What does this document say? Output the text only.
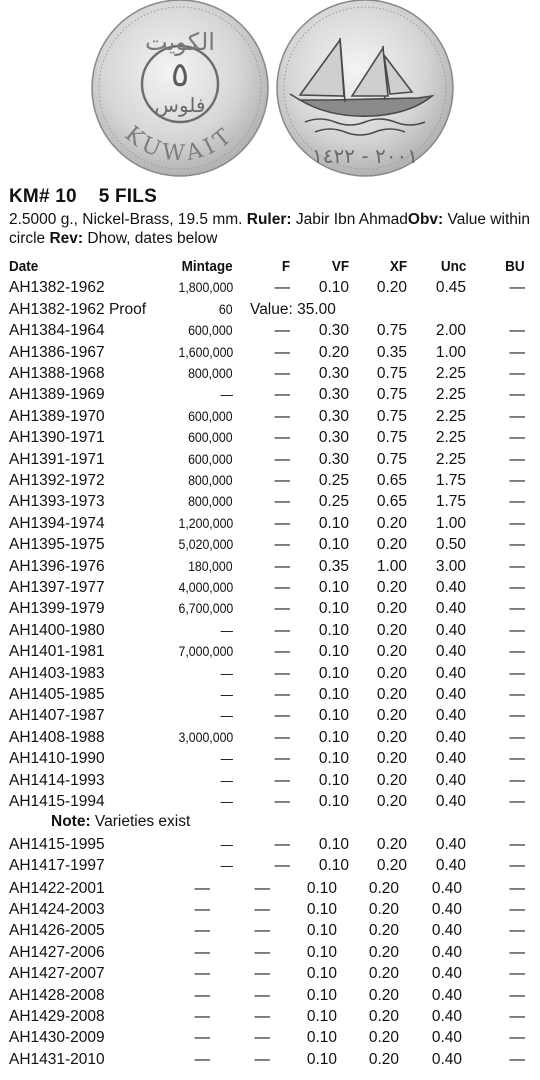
الكويت
٥
فلوس
KUWAIT
٢٠٠١ - ١٤٢٢
KM# 10 5 FILS
2.5000 g., Nickel-Brass, 19.5 mm. Ruler: Jabir Ibn AhmadObv: Value within circle Rev: Dhow, dates below
Date	Mintage	F	VF	XF Unc	BU
AH1382-1962	1,800,000	— 0.10 0.20 0.45	—
AH1382-1962 Proof	60 Value: 35.00
AH1384-1964	600,000	— 0.30 0.75 2.00	—
AH1386-1967	1,600,000	— 0.20 0.35 1.00	—
AH1388-1968	800,000	— 0.30 0.75 2.25	—
AH1389-1969	—	— 0.30 0.75 2.25	—
AH1389-1970	600,000	— 0.30 0.75 2.25	—
AH1390-1971	600,000	— 0.30 0.75 2.25	—
AH1391-1971	600,000	— 0.30 0.75 2.25	—
AH1392-1972	800,000	— 0.25 0.65 1.75	—
AH1393-1973	800,000	— 0.25 0.65 1.75	—
AH1394-1974	1,200,000	— 0.10 0.20 1.00	—
AH1395-1975	5,020,000	— 0.10 0.20 0.50	—
AH1396-1976	180,000	— 0.35 1.00 3.00	—
AH1397-1977	4,000,000	— 0.10 0.20 0.40	—
AH1399-1979	6,700,000	— 0.10 0.20 0.40	—
AH1400-1980	—	— 0.10 0.20 0.40	—
AH1401-1981	7,000,000	— 0.10 0.20 0.40	—
AH1403-1983	—	— 0.10 0.20 0.40	—
AH1405-1985	—	— 0.10 0.20 0.40	—
AH1407-1987	—	— 0.10 0.20 0.40	—
AH1408-1988	3,000,000	— 0.10 0.20 0.40	—
AH1410-1990	—	— 0.10 0.20 0.40	—
AH1414-1993	—	— 0.10 0.20 0.40	—
AH1415-1994	—	— 0.10 0.20 0.40	—
Note: Varieties exist
AH1415-1995	—	— 0.10 0.20 0.40	—
AH1417-1997	—	— 0.10 0.20 0.40	—
AH1422-2001	—	— 0.10 0.20 0.40	—
AH1424-2003	—	— 0.10 0.20 0.40	—
AH1426-2005	—	— 0.10 0.20 0.40	—
AH1427-2006	—	— 0.10 0.20 0.40	—
AH1427-2007	—	— 0.10 0.20 0.40	—
AH1428-2008	—	— 0.10 0.20 0.40	—
AH1429-2008	—	— 0.10 0.20 0.40	—
AH1430-2009	—	— 0.10 0.20 0.40	—
AH1431-2010	—	— 0.10 0.20 0.40	—
